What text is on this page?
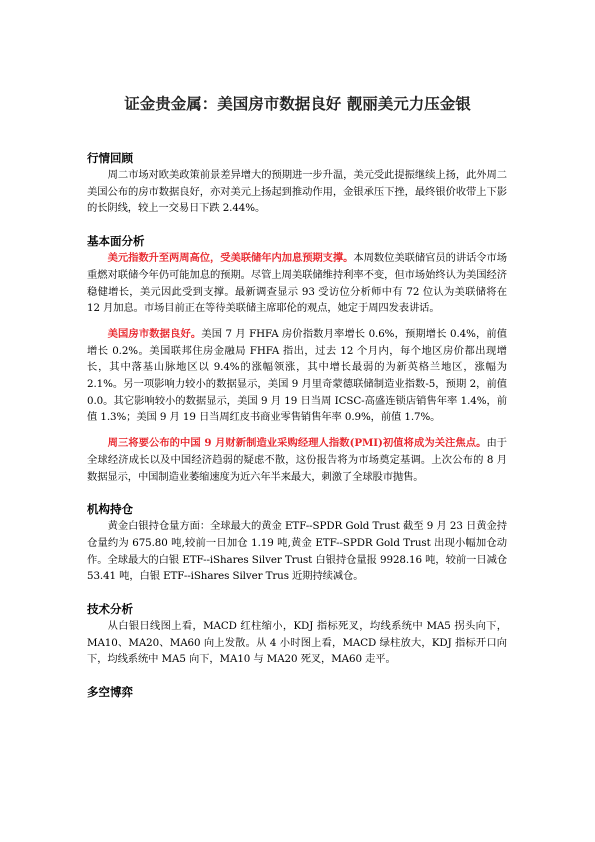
证金贵金属：美国房市数据良好 靓丽美元力压金银
行情回顾

周二市场对欧美政策前景差异增大的预期进一步升温，美元受此提振继续上扬，此外周二美国公布的房市数据良好，亦对美元上扬起到推动作用，金银承压下挫，最终银价收带上下影的长阴线，较上一交易日下跌 2.44%。

基本面分析

美元指数升至两周高位，受美联储年内加息预期支撑。本周数位美联储官员的讲话令市场重燃对联储今年仍可能加息的预期。尽管上周美联储维持利率不变，但市场始终认为美国经济稳健增长，美元因此受到支撑。最新调查显示 93 受访位分析师中有 72 位认为美联储将在 12 月加息。市场目前正在等待美联储主席耶伦的观点，她定于周四发表讲话。

美国房市数据良好。美国 7 月 FHFA 房价指数月率增长 0.6%，预期增长 0.4%，前值增长 0.2%。美国联邦住房金融局 FHFA 指出，过去 12 个月内，每个地区房价都出现增长，其中落基山脉地区以 9.4%的涨幅领涨，其中增长最弱的为新英格兰地区，涨幅为 2.1%。另一项影响力较小的数据显示，美国 9 月里奇蒙德联储制造业指数-5，预期 2，前值 0.0。其它影响较小的数据显示，美国 9 月 19 日当周 ICSC-高盛连锁店销售年率 1.4%，前值 1.3%；美国 9 月 19 日当周红皮书商业零售销售年率 0.9%，前值 1.7%。

周三将要公布的中国 9 月财新制造业采购经理人指数(PMI)初值将成为关注焦点。由于全球经济成长以及中国经济趋弱的疑虑不散，这份报告将为市场奠定基调。上次公布的 8 月数据显示，中国制造业萎缩速度为近六年半来最大，刺激了全球股市抛售。

机构持仓

黄金白银持仓量方面：全球最大的黄金 ETF--SPDR Gold Trust 截至 9 月 23 日黄金持仓量约为 675.80 吨,较前一日加仓 1.19 吨,黄金 ETF--SPDR Gold Trust 出现小幅加仓动作。全球最大的白银 ETF--iShares Silver Trust 白银持仓量报 9928.16 吨，较前一日减仓 53.41 吨，白银 ETF--iShares Silver Trus 近期持续减仓。

技术分析

从白银日线图上看，MACD 红柱缩小，KDJ 指标死叉，均线系统中 MA5 拐头向下，MA10、MA20、MA60 向上发散。从 4 小时图上看，MACD 绿柱放大，KDJ 指标开口向下，均线系统中 MA5 向下，MA10 与 MA20 死叉，MA60 走平。

多空博弈
